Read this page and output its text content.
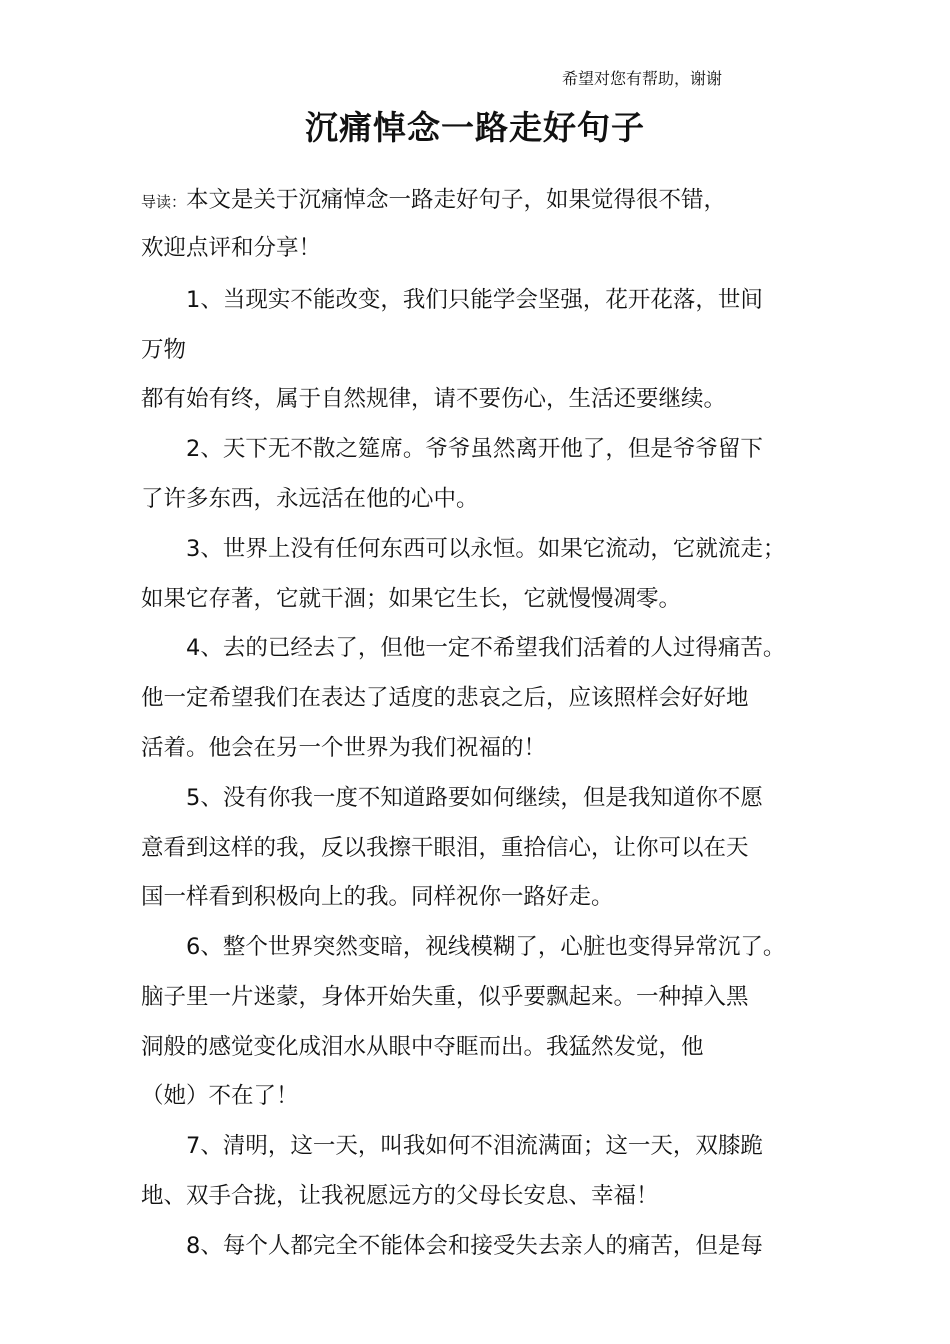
希望对您有帮助，谢谢
沉痛悼念一路走好句子
导读：本文是关于沉痛悼念一路走好句子，如果觉得很不错，
欢迎点评和分享！
1、当现实不能改变，我们只能学会坚强，花开花落，世间
万物
都有始有终，属于自然规律，请不要伤心，生活还要继续。
2、天下无不散之筵席。爷爷虽然离开他了，但是爷爷留下
了许多东西，永远活在他的心中。
3、世界上没有任何东西可以永恒。如果它流动，它就流走；
如果它存著，它就干涸；如果它生长，它就慢慢凋零。
4、去的已经去了，但他一定不希望我们活着的人过得痛苦。
他一定希望我们在表达了适度的悲哀之后，应该照样会好好地
活着。他会在另一个世界为我们祝福的！
5、没有你我一度不知道路要如何继续，但是我知道你不愿
意看到这样的我，反以我擦干眼泪，重拾信心，让你可以在天
国一样看到积极向上的我。同样祝你一路好走。
6、整个世界突然变暗，视线模糊了，心脏也变得异常沉了。
脑子里一片迷蒙，身体开始失重，似乎要飘起来。一种掉入黑
洞般的感觉变化成泪水从眼中夺眶而出。我猛然发觉，他
（她）不在了！
7、清明，这一天，叫我如何不泪流满面；这一天，双膝跪
地、双手合拢，让我祝愿远方的父母长安息、幸福！
8、每个人都完全不能体会和接受失去亲人的痛苦，但是每
